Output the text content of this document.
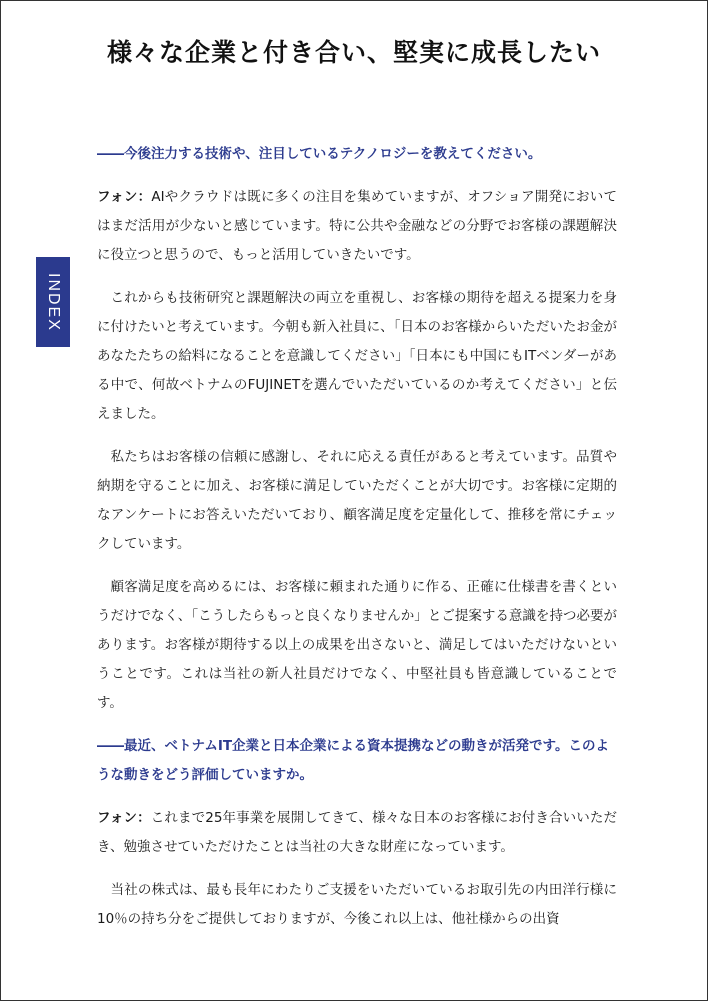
様々な企業と付き合い、堅実に成長したい
INDEX

――今後注力する技術や、注目しているテクノロジーを教えてください。

フォン：AIやクラウドは既に多くの注目を集めていますが、オフショア開発においてはまだ活用が少ないと感じています。特に公共や金融などの分野でお客様の課題解決に役立つと思うので、もっと活用していきたいです。

これからも技術研究と課題解決の両立を重視し、お客様の期待を超える提案力を身に付けたいと考えています。今朝も新入社員に、「日本のお客様からいただいたお金があなたたちの給料になることを意識してください」「日本にも中国にもITベンダーがある中で、何故ベトナムのFUJINETを選んでいただいているのか考えてください」と伝えました。

私たちはお客様の信頼に感謝し、それに応える責任があると考えています。品質や納期を守ることに加え、お客様に満足していただくことが大切です。お客様に定期的なアンケートにお答えいただいており、顧客満足度を定量化して、推移を常にチェックしています。

顧客満足度を高めるには、お客様に頼まれた通りに作る、正確に仕様書を書くというだけでなく、「こうしたらもっと良くなりませんか」とご提案する意識を持つ必要があります。お客様が期待する以上の成果を出さないと、満足してはいただけないということです。これは当社の新人社員だけでなく、中堅社員も皆意識していることです。

――最近、ベトナムIT企業と日本企業による資本提携などの動きが活発です。このような動きをどう評価していますか。

フォン：これまで25年事業を展開してきて、様々な日本のお客様にお付き合いいただき、勉強させていただけたことは当社の大きな財産になっています。

当社の株式は、最も長年にわたりご支援をいただいているお取引先の内田洋行様に10％の持ち分をご提供しておりますが、今後これ以上は、他社様からの出資
